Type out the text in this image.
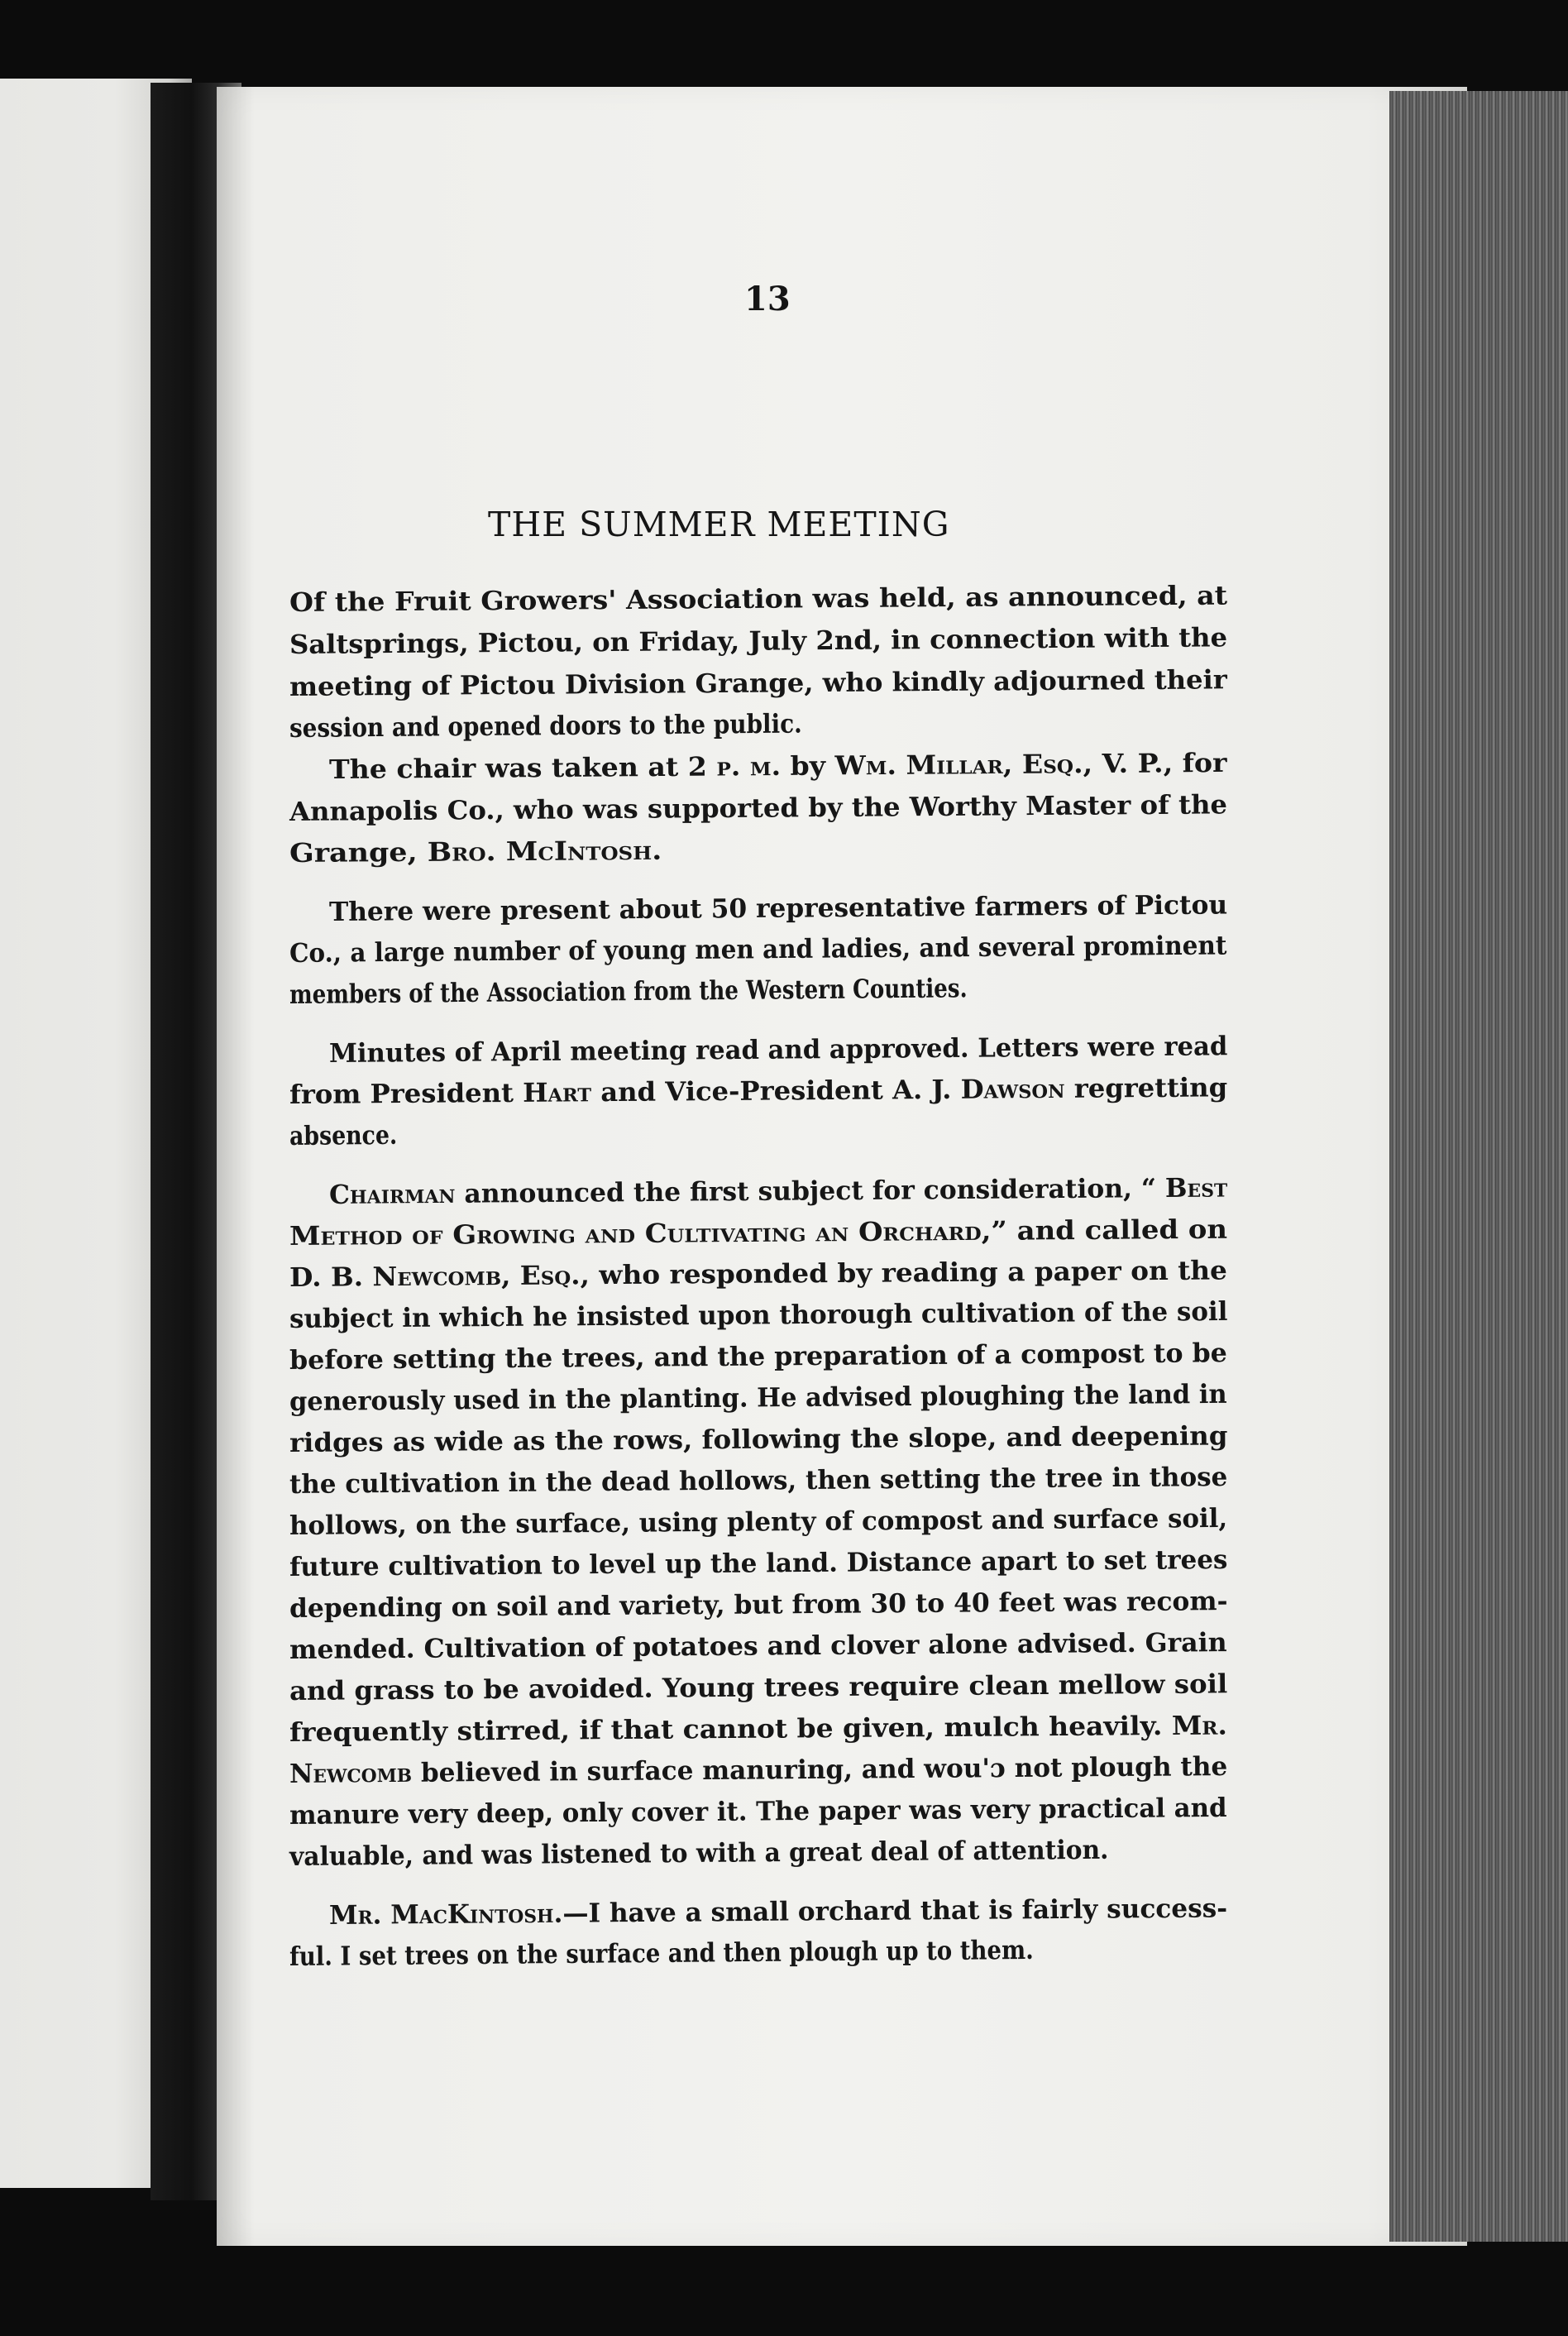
13
THE SUMMER MEETING
Of the Fruit Growers' Association was held, as announced, at
Saltsprings, Pictou, on Friday, July 2nd, in connection with the
meeting of Pictou Division Grange, who kindly adjourned their
session and opened doors to the public.
The chair was taken at 2 p. m. by Wm. Millar, Esq., V. P., for
Annapolis Co., who was supported by the Worthy Master of the
Grange, Bro. McIntosh.
There were present about 50 representative farmers of Pictou
Co., a large number of young men and ladies, and several prominent
members of the Association from the Western Counties.
Minutes of April meeting read and approved. Letters were read
from President Hart and Vice-President A. J. Dawson regretting
absence.
Chairman announced the first subject for consideration, “ Best
Method of Growing and Cultivating an Orchard,” and called on
D. B. Newcomb, Esq., who responded by reading a paper on the
subject in which he insisted upon thorough cultivation of the soil
before setting the trees, and the preparation of a compost to be
generously used in the planting. He advised ploughing the land in
ridges as wide as the rows, following the slope, and deepening
the cultivation in the dead hollows, then setting the tree in those
hollows, on the surface, using plenty of compost and surface soil,
future cultivation to level up the land. Distance apart to set trees
depending on soil and variety, but from 30 to 40 feet was recom-
mended. Cultivation of potatoes and clover alone advised. Grain
and grass to be avoided. Young trees require clean mellow soil
frequently stirred, if that cannot be given, mulch heavily. Mr.
Newcomb believed in surface manuring, and wou'ɔ not plough the
manure very deep, only cover it. The paper was very practical and
valuable, and was listened to with a great deal of attention.
Mr. MacKintosh.—I have a small orchard that is fairly success-
ful. I set trees on the surface and then plough up to them.
